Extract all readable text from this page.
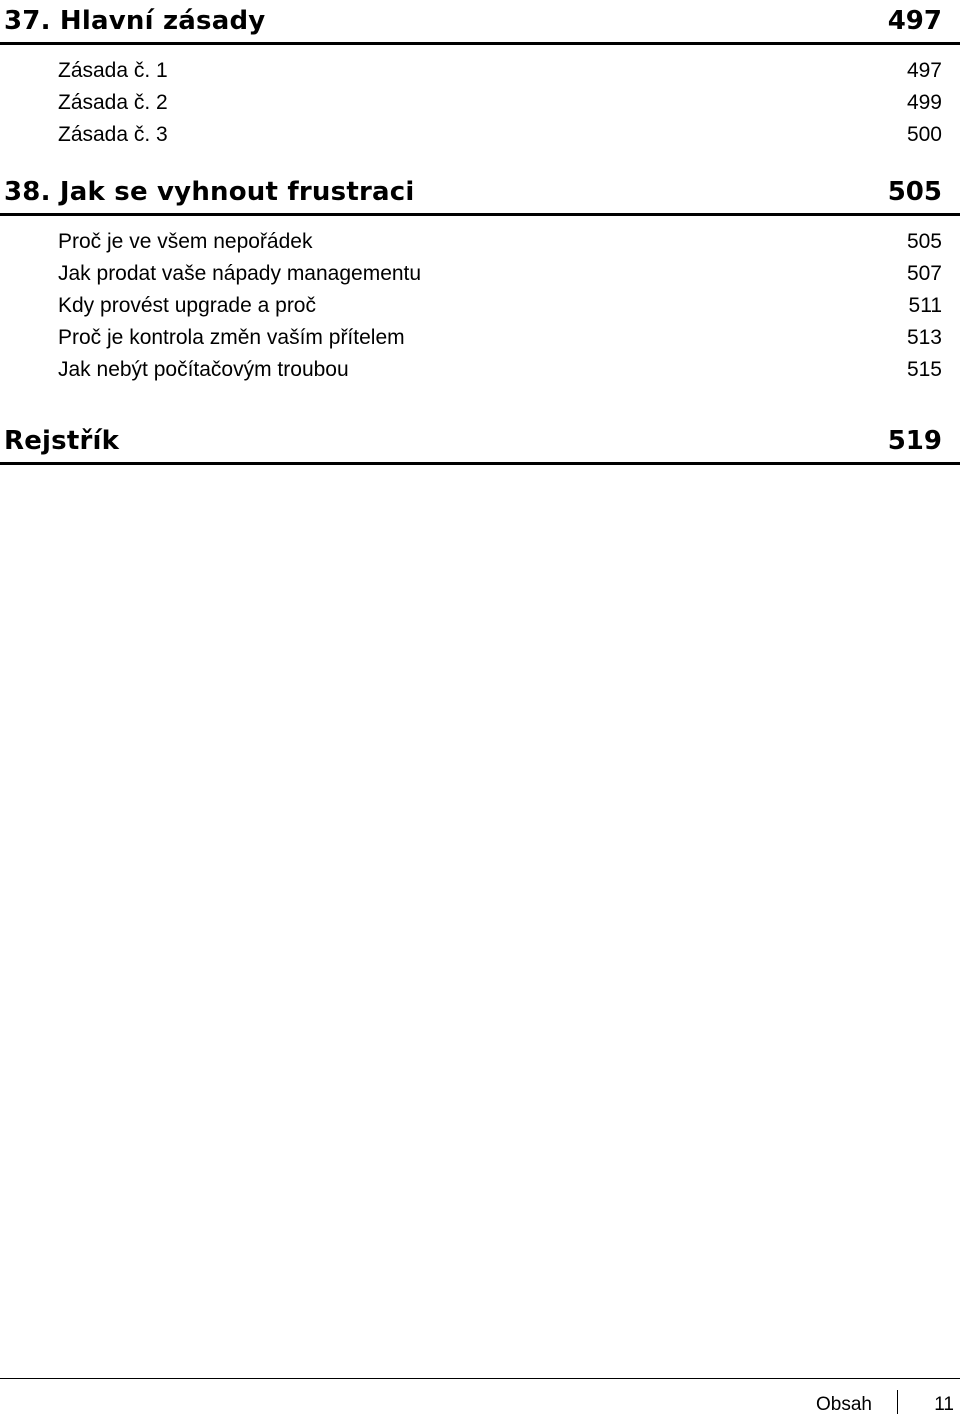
37. Hlavní zásady	497
Zásada č. 1	497
Zásada č. 2	499
Zásada č. 3	500
38. Jak se vyhnout frustraci	505
Proč je ve všem nepořádek	505
Jak prodat vaše nápady managementu	507
Kdy provést upgrade a proč	511
Proč je kontrola změn vaším přítelem	513
Jak nebýt počítačovým troubou	515
Rejstřík	519
Obsah	11
